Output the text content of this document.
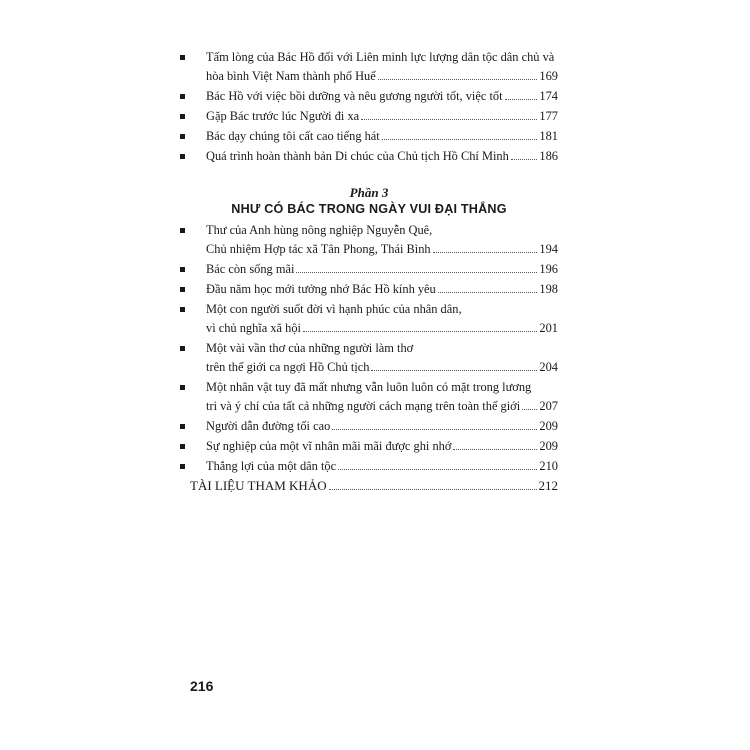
Tấm lòng của Bác Hồ đối với Liên minh lực lượng dân tộc dân chủ và
hòa bình Việt Nam thành phố Huế	169
Bác Hồ với việc bồi dưỡng và nêu gương người tốt, việc tốt	174
Gặp Bác trước lúc Người đi xa	177
Bác dạy chúng tôi cất cao tiếng hát	181
Quá trình hoàn thành bản Di chúc của Chủ tịch Hồ Chí Minh 186
Phần 3
NHƯ CÓ BÁC TRONG NGÀY VUI ĐẠI THẮNG
Thư của Anh hùng nông nghiệp Nguyễn Quê,
Chủ nhiệm Hợp tác xã Tân Phong, Thái Bình	194
Bác còn sống mãi	196
Đầu năm học mới tưởng nhớ Bác Hồ kính yêu	198
Một con người suốt đời vì hạnh phúc của nhân dân,
vì chủ nghĩa xã hội	201
Một vài vần thơ của những người làm thơ
trên thế giới ca ngợi Hồ Chủ tịch	204
Một nhân vật tuy đã mất nhưng vẫn luôn luôn có mặt trong lương
tri và ý chí của tất cả những người cách mạng trên toàn thế giới 207
Người dẫn đường tối cao	209
Sự nghiệp của một vĩ nhân mãi mãi được ghi nhớ	209
Thắng lợi của một dân tộc	210
TÀI LIỆU THAM KHẢO	212
216
